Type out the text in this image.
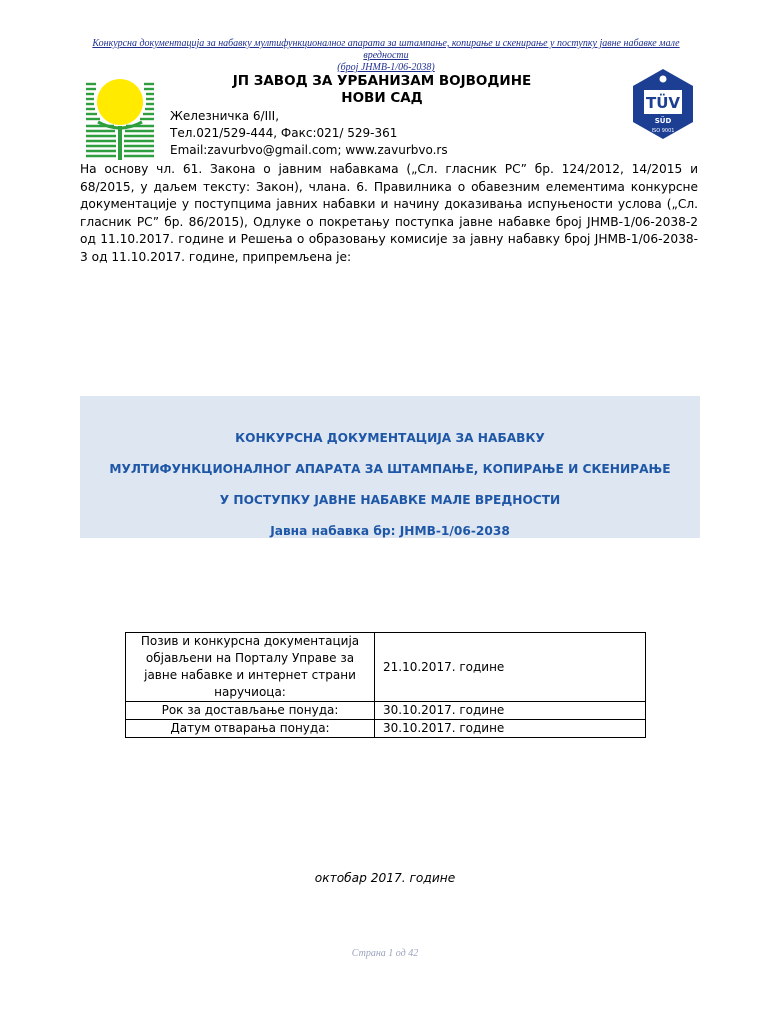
Конкурсна документација за набавку мултифункционалног апарата за штампање, копирање и скенирање у поступку јавне набавке мале
вредности
(број ЈНМВ-1/06-2038)
ЈП ЗАВОД ЗА УРБАНИЗАМ ВОЈВОДИНЕ
НОВИ САД
Железничка 6/III,
Тел.021/529-444, Факс:021/ 529-361
Email:zavurbvo@gmail.com; www.zavurbvo.rs
TÜV
SÜD
ISO 9001
На основу чл. 61. Закона о јавним набавкама („Сл. гласник РС” бр. 124/2012, 14/2015 и 68/2015, у даљем тексту: Закон), члана. 6. Правилника о обавезним елементима конкурсне документације у поступцима јавних набавки и начину доказивања испуњености услова („Сл. гласник РС” бр. 86/2015), Одлуке о покретању поступка јавне набавке број ЈНМВ-1/06-2038-2 од 11.10.2017. године и Решења о образовању комисије за јавну набавку број ЈНМВ-1/06-2038-3 од 11.10.2017. године, припремљена је:
КОНКУРСНА ДОКУМЕНТАЦИЈА ЗА НАБАВКУ
МУЛТИФУНКЦИОНАЛНОГ АПАРАТА ЗА ШТАМПАЊЕ, КОПИРАЊЕ И СКЕНИРАЊЕ
У ПОСТУПКУ ЈАВНЕ НАБАВКЕ МАЛЕ ВРЕДНОСТИ
Јавна набавка бр: ЈНМВ-1/06-2038
Позив и конкурсна документација објављени на Порталу Управе за јавне набавке и интернет страни наручиоца:	21.10.2017. године
Рок за достављање понуда:	30.10.2017. године
Датум отварања понуда:	30.10.2017. године
октобар 2017. године
Страна 1 од 42
